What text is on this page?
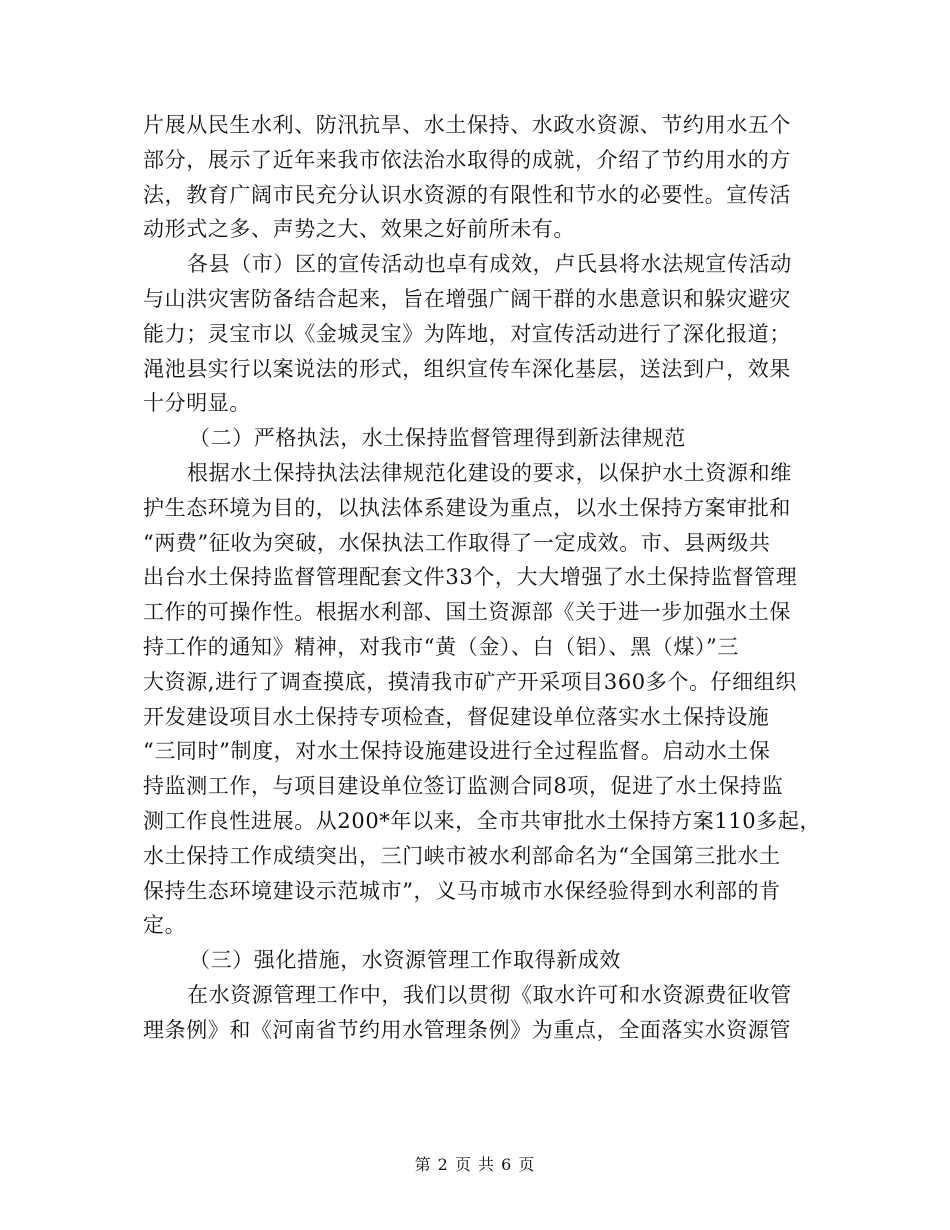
片展从民生水利、防汛抗旱、水土保持、水政水资源、节约用水五个
部分，展示了近年来我市依法治水取得的成就，介绍了节约用水的方
法，教育广阔市民充分认识水资源的有限性和节水的必要性。宣传活
动形式之多、声势之大、效果之好前所未有。
各县（市）区的宣传活动也卓有成效，卢氏县将水法规宣传活动
与山洪灾害防备结合起来，旨在增强广阔干群的水患意识和躲灾避灾
能力；灵宝市以《金城灵宝》为阵地，对宣传活动进行了深化报道；
渑池县实行以案说法的形式，组织宣传车深化基层，送法到户，效果
十分明显。
（二）严格执法，水土保持监督管理得到新法律规范
根据水土保持执法法律规范化建设的要求，以保护水土资源和维
护生态环境为目的，以执法体系建设为重点，以水土保持方案审批和
“两费”征收为突破，水保执法工作取得了一定成效。市、县两级共
出台水土保持监督管理配套文件33个，大大增强了水土保持监督管理
工作的可操作性。根据水利部、国土资源部《关于进一步加强水土保
持工作的通知》精神，对我市“黄（金）、白（铝）、黑（煤）”三
大资源,进行了调查摸底，摸清我市矿产开采项目360多个。仔细组织
开发建设项目水土保持专项检查，督促建设单位落实水土保持设施
“三同时”制度，对水土保持设施建设进行全过程监督。启动水土保
持监测工作，与项目建设单位签订监测合同8项，促进了水土保持监
测工作良性进展。从200*年以来，全市共审批水土保持方案110多起，
水土保持工作成绩突出，三门峡市被水利部命名为“全国第三批水土
保持生态环境建设示范城市”，义马市城市水保经验得到水利部的肯
定。
（三）强化措施，水资源管理工作取得新成效
在水资源管理工作中，我们以贯彻《取水许可和水资源费征收管
理条例》和《河南省节约用水管理条例》为重点，全面落实水资源管
第 2 页 共 6 页
